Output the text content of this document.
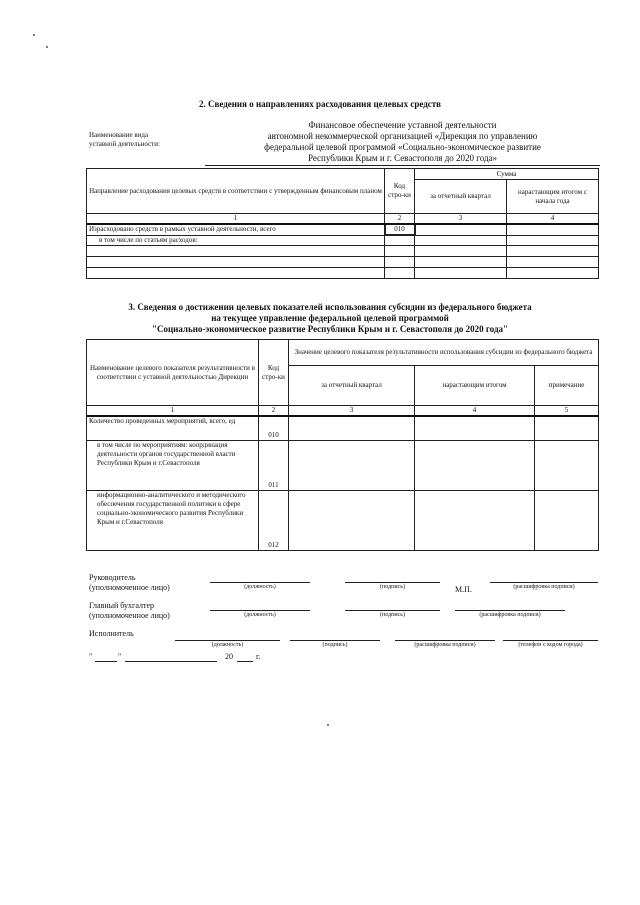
2. Сведения о направлениях расходования целевых средств
Наименование вида
уставной деятельности:
Финансовое обеспечение уставной деятельности
автономной некоммерческой организацией «Дирекция по управлению
федеральной целевой программой «Социально-экономическое развитие
Республики Крым и г. Севастополя до 2020 года»
Направление расходования целевых средств в соответствии с утвержденным финансовым планом	Код стро-ки	Сумма	
		за отчетный квартал	нарастающим итогом с начала года
1	2	3	4
Израсходовано средств в рамках уставной деятельности, всего	010		
в том числе по статьям расходов:			

3. Сведения о достижении целевых показателей использования субсидии из федерального бюджета
на текущее управление федеральной целевой программой
"Социально-экономическое развитие Республики Крым и г. Севастополя до 2020 года"
Наименование целевого показателя результативности в соответствии с уставной деятельностью Дирекции	Код стро-ки	Значение целевого показателя результативности использования субсидии из федерального бюджета		
		за отчетный квартал	нарастающим итогом	примечание
1	2	3	4	5
Количество проведенных мероприятий, всего, ед	010			
в том числе по мероприятиям: координация деятельности органов государственной власти Республики Крым и г.Севастополя	011			
информационно-аналитического и методического обеспечения государственной политики в сфере социально-экономического развития Республики Крым и г.Севастополя	012			
Руководитель
(уполномоченное лицо)	(должность)	(подпись)	М.П.	(расшифровка подписи)
Главный бухгалтер
(уполномоченное лицо)	(должность)	(подпись)	(расшифровка подписи)
Исполнитель
(должность)	(подпись)	(расшифровка подписи)	(телефон с кодом города)
"	"	20	г.
